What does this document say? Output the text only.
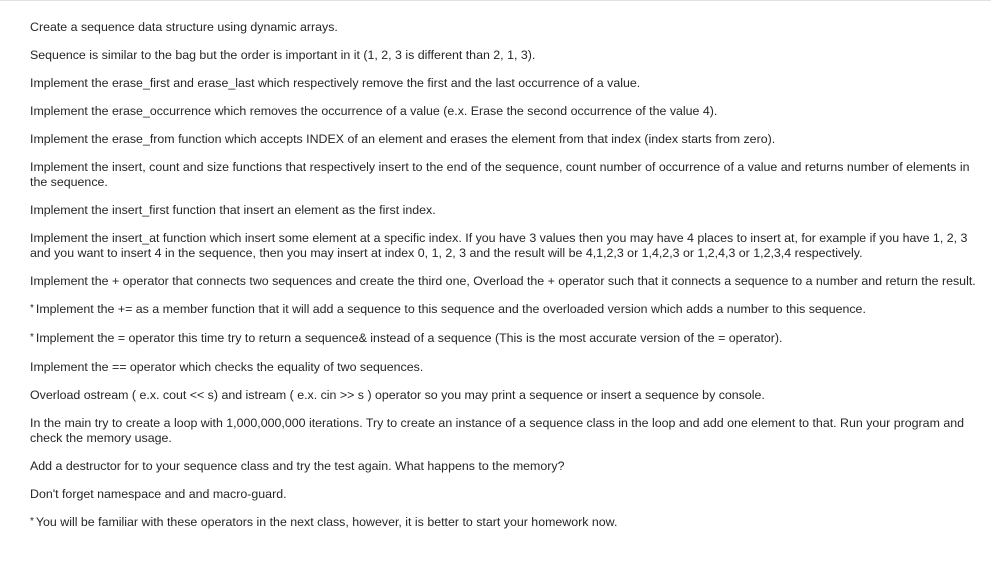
Create a sequence data structure using dynamic arrays.

Sequence is similar to the bag but the order is important in it (1, 2, 3 is different than 2, 1, 3).

Implement the erase_first and erase_last which respectively remove the first and the last occurrence of a value.

Implement the erase_occurrence which removes the occurrence of a value (e.x. Erase the second occurrence of the value 4).

Implement the erase_from function which accepts INDEX of an element and erases the element from that index (index starts from zero).

Implement the insert, count and size functions that respectively insert to the end of the sequence, count number of occurrence of a value and returns number of elements in the sequence.

Implement the insert_first function that insert an element as the first index.

Implement the insert_at function which insert some element at a specific index. If you have 3 values then you may have 4 places to insert at, for example if you have 1, 2, 3 and you want to insert 4 in the sequence, then you may insert at index 0, 1, 2, 3 and the result will be 4,1,2,3 or 1,4,2,3 or 1,2,4,3 or 1,2,3,4 respectively.

Implement the + operator that connects two sequences and create the third one, Overload the + operator such that it connects a sequence to a number and return the result.

* Implement the += as a member function that it will add a sequence to this sequence and the overloaded version which adds a number to this sequence.

* Implement the = operator this time try to return a sequence& instead of a sequence (This is the most accurate version of the = operator).

Implement the == operator which checks the equality of two sequences.

Overload ostream ( e.x. cout << s) and istream ( e.x. cin >> s ) operator so you may print a sequence or insert a sequence by console.

In the main try to create a loop with 1,000,000,000 iterations. Try to create an instance of a sequence class in the loop and add one element to that. Run your program and check the memory usage.

Add a destructor for to your sequence class and try the test again. What happens to the memory?

Don't forget namespace and and macro-guard.

* You will be familiar with these operators in the next class, however, it is better to start your homework now.
